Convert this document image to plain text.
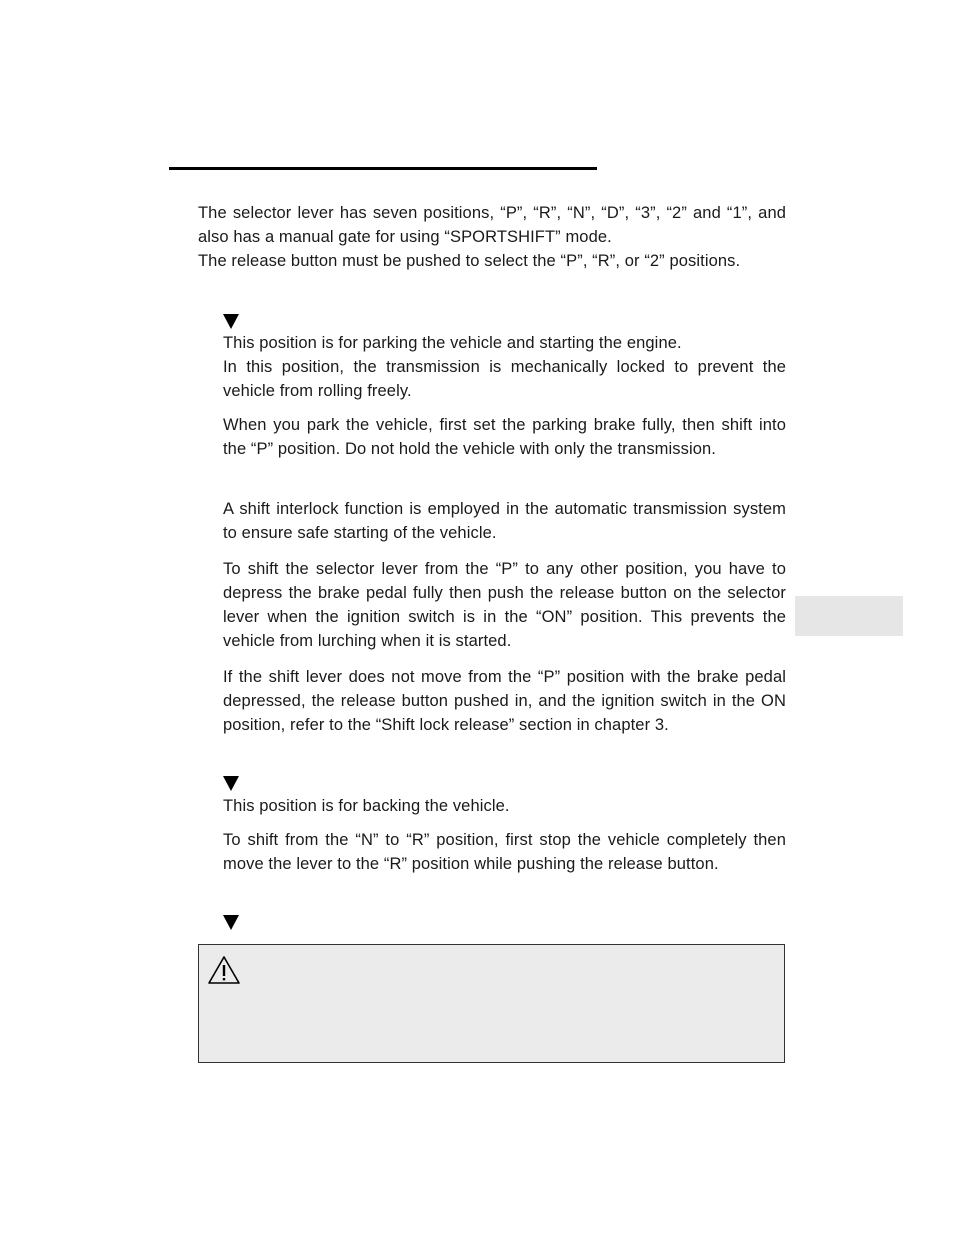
The selector lever has seven positions, “P”, “R”, “N”, “D”, “3”, “2” and “1”, and also has a manual gate for using “SPORTSHIFT” mode.

The release button must be pushed to select the “P”, “R”, or “2” positions.

This position is for parking the vehicle and starting the engine.

In this position, the transmission is mechanically locked to prevent the vehicle from rolling freely.

When you park the vehicle, first set the parking brake fully, then shift into the “P” position. Do not hold the vehicle with only the transmission.

A shift interlock function is employed in the automatic transmission system to ensure safe starting of the vehicle.

To shift the selector lever from the “P” to any other position, you have to depress the brake pedal fully then push the release button on the selector lever when the ignition switch is in the “ON” position. This prevents the vehicle from lurching when it is started.

If the shift lever does not move from the “P” position with the brake pedal depressed, the release button pushed in, and the ignition switch in the ON position, refer to the “Shift lock release” section in chapter 3.

This position is for backing the vehicle.

To shift from the “N” to “R” position, first stop the vehicle completely then move the lever to the “R” position while pushing the release button.
